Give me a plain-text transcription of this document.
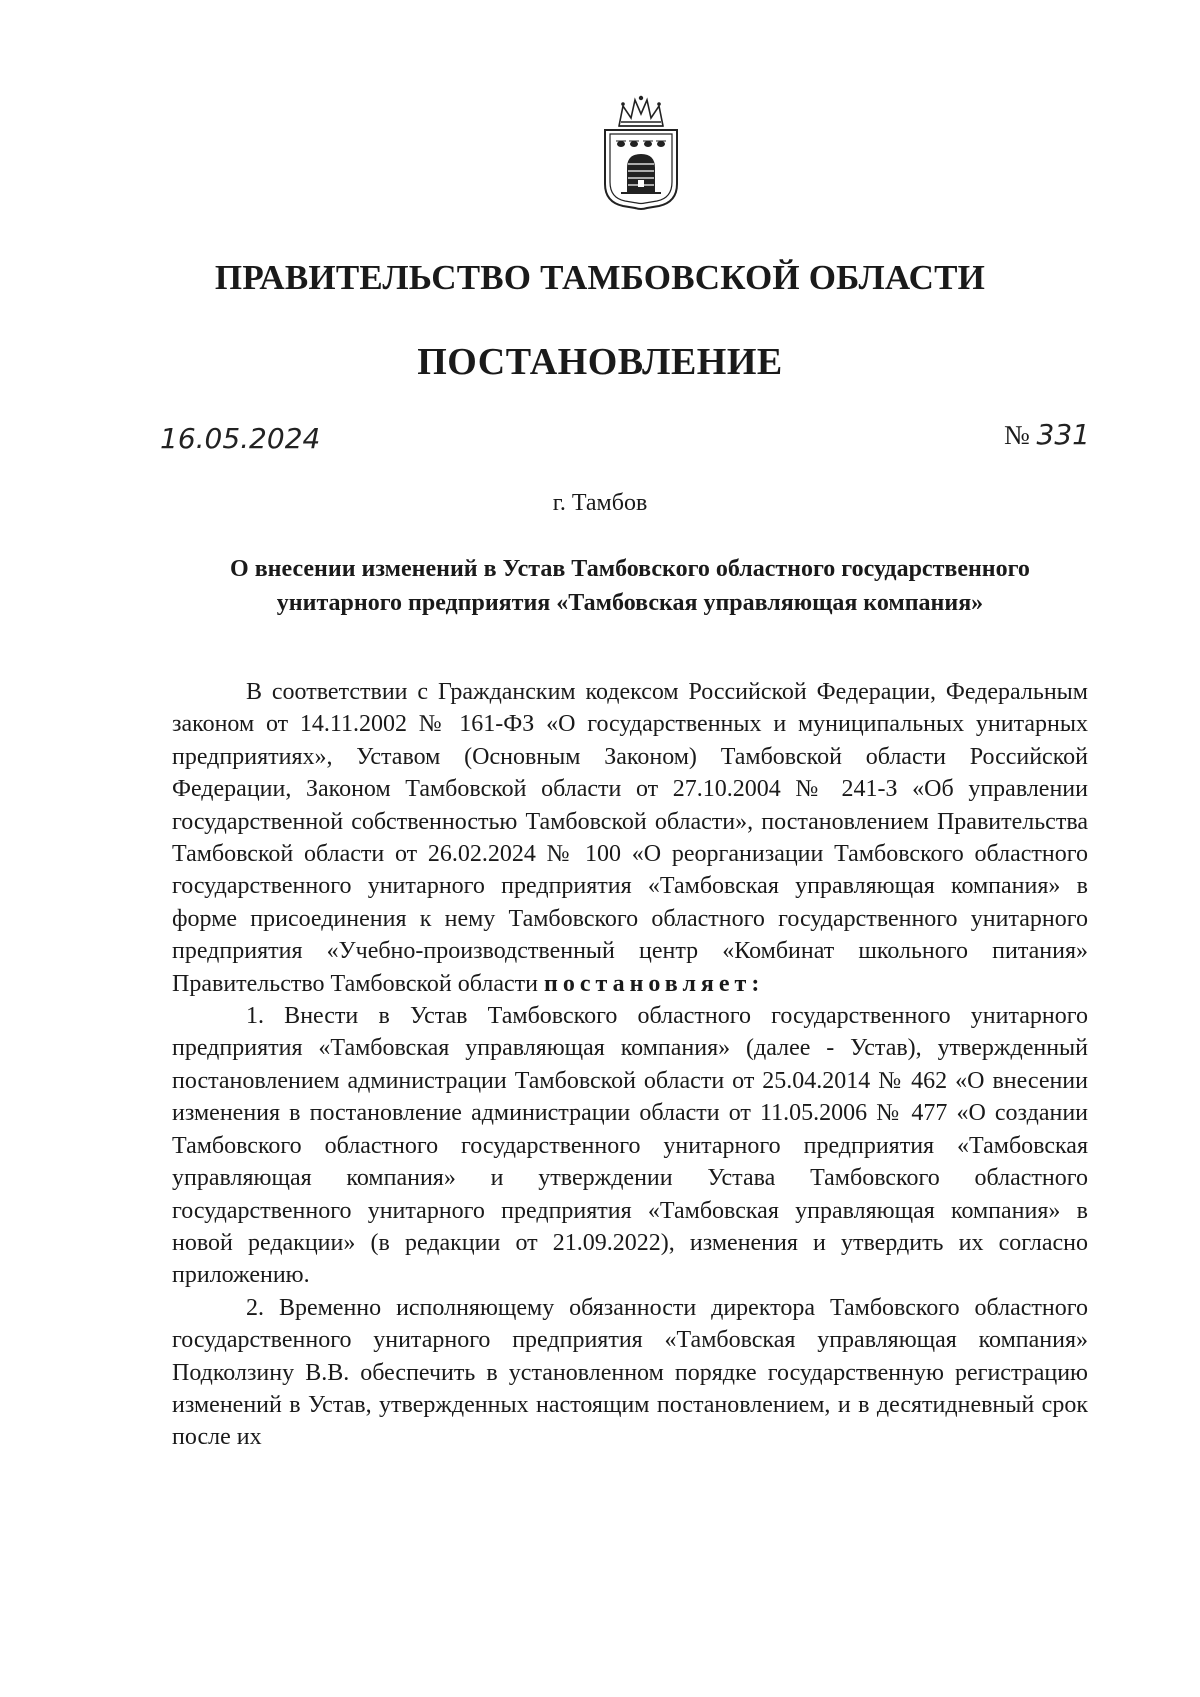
ПРАВИТЕЛЬСТВО ТАМБОВСКОЙ ОБЛАСТИ
ПОСТАНОВЛЕНИЕ
16.05.2024	№ 331
г. Тамбов

О внесении изменений в Устав Тамбовского областного государственного унитарного предприятия «Тамбовская управляющая компания»

В соответствии с Гражданским кодексом Российской Федерации, Федеральным законом от 14.11.2002 № 161-ФЗ «О государственных и муниципальных унитарных предприятиях», Уставом (Основным Законом) Тамбовской области Российской Федерации, Законом Тамбовской области от 27.10.2004 № 241-З «Об управлении государственной собственностью Тамбовской области», постановлением Правительства Тамбовской области от 26.02.2024 № 100 «О реорганизации Тамбовского областного государственного унитарного предприятия «Тамбовская управляющая компания» в форме присоединения к нему Тамбовского областного государственного унитарного предприятия «Учебно-производственный центр «Комбинат школьного питания» Правительство Тамбовской области постановляет:

1. Внести в Устав Тамбовского областного государственного унитарного предприятия «Тамбовская управляющая компания» (далее - Устав), утвержденный постановлением администрации Тамбовской области от 25.04.2014 № 462 «О внесении изменения в постановление администрации области от 11.05.2006 № 477 «О создании Тамбовского областного государственного унитарного предприятия «Тамбовская управляющая компания» и утверждении Устава Тамбовского областного государственного унитарного предприятия «Тамбовская управляющая компания» в новой редакции» (в редакции от 21.09.2022), изменения и утвердить их согласно приложению.

2. Временно исполняющему обязанности директора Тамбовского областного государственного унитарного предприятия «Тамбовская управляющая компания» Подколзину В.В. обеспечить в установленном порядке государственную регистрацию изменений в Устав, утвержденных настоящим постановлением, и в десятидневный срок после их
